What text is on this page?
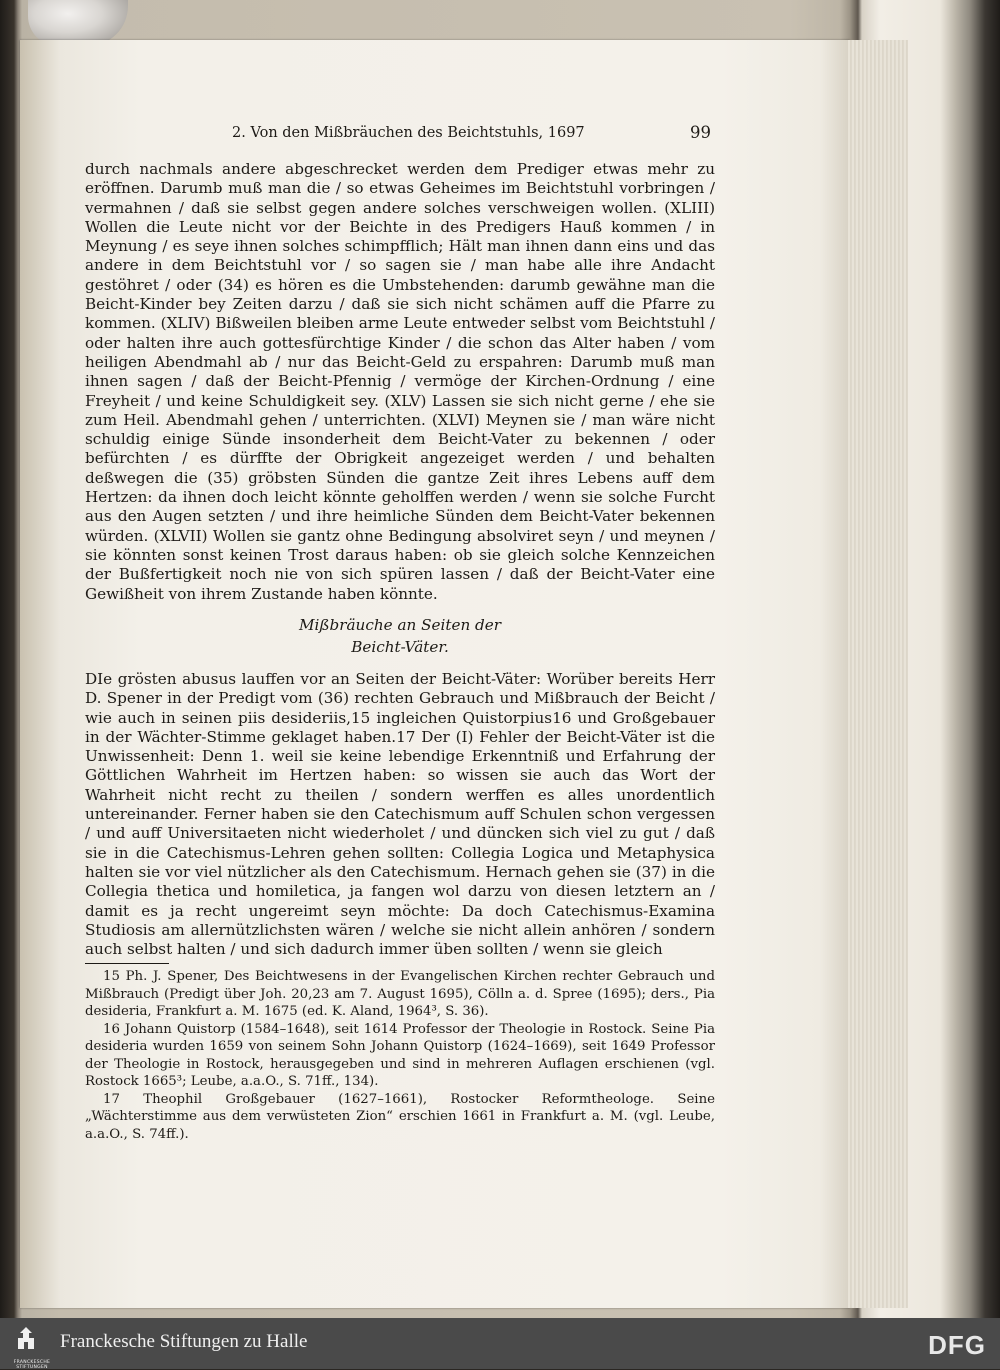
2. Von den Mißbräuchen des Beichtstuhls, 1697	99

durch nachmals andere abgeschrecket werden dem Prediger etwas mehr zu eröffnen. Darumb muß man die / so etwas Geheimes im Beichtstuhl vorbringen / vermahnen / daß sie selbst gegen andere solches verschweigen wollen. (XLIII) Wollen die Leute nicht vor der Beichte in des Predigers Hauß kommen / in Meynung / es seye ihnen solches schimpfflich; Hält man ihnen dann eins und das andere in dem Beichtstuhl vor / so sagen sie / man habe alle ihre Andacht gestöhret / oder (34) es hören es die Umbstehenden: darumb gewähne man die Beicht-Kinder bey Zeiten darzu / daß sie sich nicht schämen auff die Pfarre zu kommen. (XLIV) Bißweilen bleiben arme Leute entweder selbst vom Beichtstuhl / oder halten ihre auch gottesfürchtige Kinder / die schon das Alter haben / vom heiligen Abendmahl ab / nur das Beicht-Geld zu erspahren: Darumb muß man ihnen sagen / daß der Beicht-Pfennig / vermöge der Kirchen-Ordnung / eine Freyheit / und keine Schuldigkeit sey. (XLV) Lassen sie sich nicht gerne / ehe sie zum Heil. Abendmahl gehen / unterrichten. (XLVI) Meynen sie / man wäre nicht schuldig einige Sünde insonderheit dem Beicht-Vater zu bekennen / oder befürchten / es dürffte der Obrigkeit angezeiget werden / und behalten deßwegen die (35) gröbsten Sünden die gantze Zeit ihres Lebens auff dem Hertzen: da ihnen doch leicht könnte geholffen werden / wenn sie solche Furcht aus den Augen setzten / und ihre heimliche Sünden dem Beicht-Vater bekennen würden. (XLVII) Wollen sie gantz ohne Bedingung absolviret seyn / und meynen / sie könnten sonst keinen Trost daraus haben: ob sie gleich solche Kennzeichen der Bußfertigkeit noch nie von sich spüren lassen / daß der Beicht-Vater eine Gewißheit von ihrem Zustande haben könnte.

Mißbräuche an Seiten der
Beicht-Väter.

DIe grösten abusus lauffen vor an Seiten der Beicht-Väter: Worüber bereits Herr D. Spener in der Predigt vom (36) rechten Gebrauch und Mißbrauch der Beicht / wie auch in seinen piis desideriis,15 ingleichen Quistorpius16 und Großgebauer in der Wächter-Stimme geklaget haben.17 Der (I) Fehler der Beicht-Väter ist die Unwissenheit: Denn 1. weil sie keine lebendige Erkenntniß und Erfahrung der Göttlichen Wahrheit im Hertzen haben: so wissen sie auch das Wort der Wahrheit nicht recht zu theilen / sondern werffen es alles unordentlich untereinander. Ferner haben sie den Catechismum auff Schulen schon vergessen / und auff Universitaeten nicht wiederholet / und düncken sich viel zu gut / daß sie in die Catechismus-Lehren gehen sollten: Collegia Logica und Metaphysica halten sie vor viel nützlicher als den Catechismum. Hernach gehen sie (37) in die Collegia thetica und homiletica, ja fangen wol darzu von diesen letztern an / damit es ja recht ungereimt seyn möchte: Da doch Catechismus-Examina Studiosis am allernützlichsten wären / welche sie nicht allein anhören / sondern auch selbst halten / und sich dadurch immer üben sollten / wenn sie gleich

15 Ph. J. Spener, Des Beichtwesens in der Evangelischen Kirchen rechter Gebrauch und Mißbrauch (Predigt über Joh. 20,23 am 7. August 1695), Cölln a. d. Spree (1695); ders., Pia desideria, Frankfurt a. M. 1675 (ed. K. Aland, 1964³, S. 36).

16 Johann Quistorp (1584–1648), seit 1614 Professor der Theologie in Rostock. Seine Pia desideria wurden 1659 von seinem Sohn Johann Quistorp (1624–1669), seit 1649 Professor der Theologie in Rostock, herausgegeben und sind in mehreren Auflagen erschienen (vgl. Rostock 1665³; Leube, a.a.O., S. 71ff., 134).

17 Theophil Großgebauer (1627–1661), Rostocker Reformtheologe. Seine „Wächterstimme aus dem verwüsteten Zion“ erschien 1661 in Frankfurt a. M. (vgl. Leube, a.a.O., S. 74ff.).

FRANCKESCHE STIFTUNGEN
Franckesche Stiftungen zu Halle	DFG
